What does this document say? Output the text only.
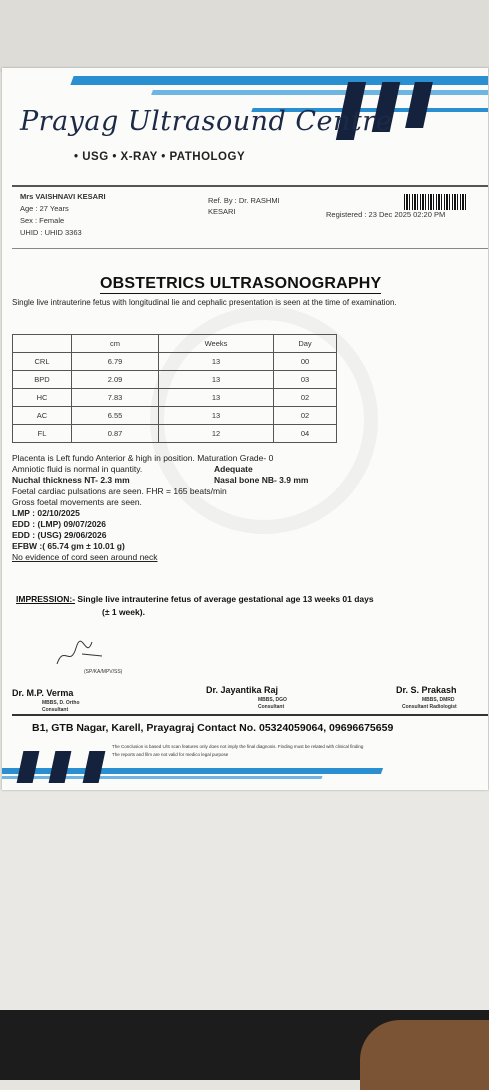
Prayag Ultrasound Centre
• USG • X-RAY • PATHOLOGY
Mrs VAISHNAVI KESARI
Age : 27 Years
Sex : Female
UHID : UHID 3363
Ref. By : Dr. RASHMI
KESARI	Registered : 23 Dec 2025 02:20 PM
OBSTETRICS ULTRASONOGRAPHY
Single live intrauterine fetus with longitudinal lie and cephalic presentation is seen at the time of examination.
	cm	Weeks	Day
CRL	6.79	13	00
BPD	2.09	13	03
HC	7.83	13	02
AC	6.55	13	02
FL	0.87	12	04
Placenta is Left fundo Anterior & high in position. Maturation Grade- 0
Amniotic fluid is normal in quantity.	Adequate
Nuchal thickness NT- 2.3 mm	Nasal bone NB- 3.9 mm
Foetal cardiac pulsations are seen. FHR = 165 beats/min
Gross foetal movements are seen.
LMP : 02/10/2025
EDD : (LMP) 09/07/2026
EDD : (USG) 29/06/2026
EFBW :( 65.74 gm ± 10.01 g)
No evidence of cord seen around neck
IMPRESSION:- Single live intrauterine fetus of average gestational age 13 weeks 01 days
(± 1 week).
(SP/KA/MPV/SS)
Dr. M.P. Verma
MBBS, D. Ortho
Consultant
Dr. Jayantika Raj
MBBS, DGO
Consultant
Dr. S. Prakash
MBBS, DMRD
Consultant Radiologist
B1, GTB Nagar, Karell, Prayagraj Contact No. 05324059064, 09696675659
The Conclusion is based U/S scan features only does not imply the final diagnosis. Finding must be related with clinical finding
The reports and film are not valid for medico legal purpose
